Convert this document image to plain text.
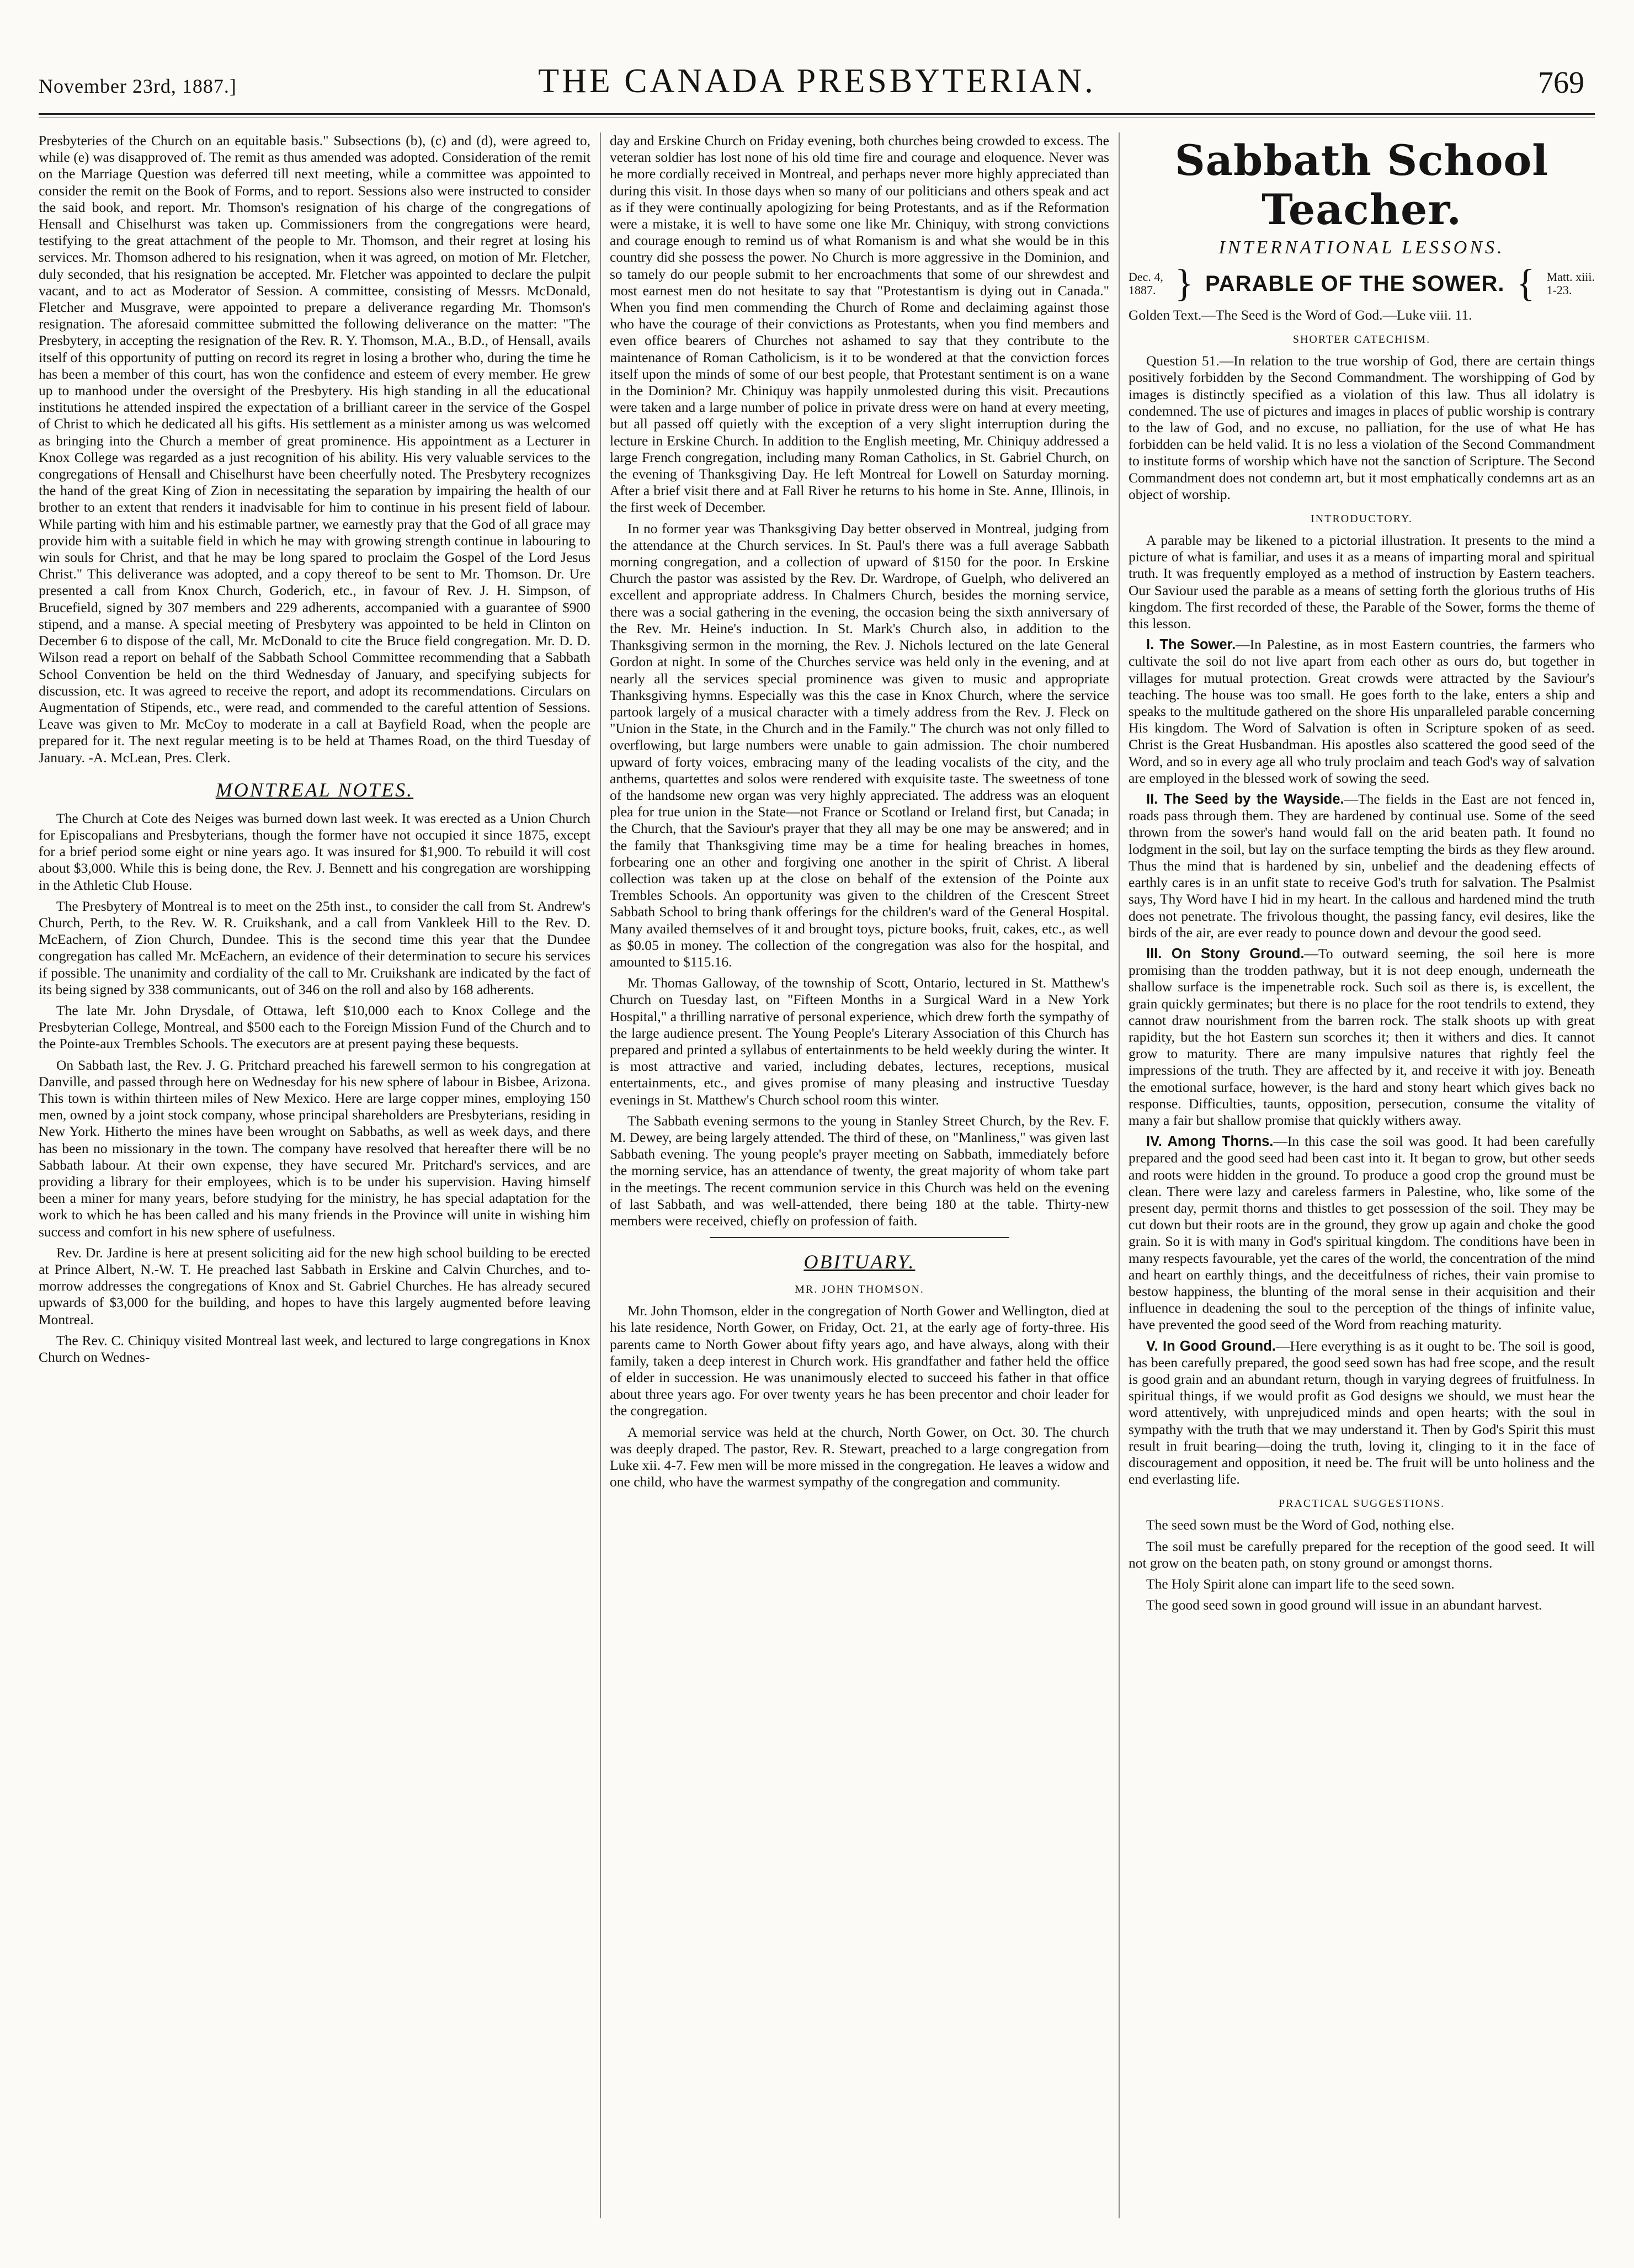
November 23rd, 1887.]	THE CANADA PRESBYTERIAN.	769

Presbyteries of the Church on an equitable basis." Subsections (b), (c) and (d), were agreed to, while (e) was disapproved of. The remit as thus amended was adopted. Consideration of the remit on the Marriage Question was deferred till next meeting, while a committee was appointed to consider the remit on the Book of Forms, and to report. Sessions also were instructed to consider the said book, and report. Mr. Thomson's resignation of his charge of the congregations of Hensall and Chiselhurst was taken up. Commissioners from the congregations were heard, testifying to the great attachment of the people to Mr. Thomson, and their regret at losing his services. Mr. Thomson adhered to his resignation, when it was agreed, on motion of Mr. Fletcher, duly seconded, that his resignation be accepted. Mr. Fletcher was appointed to declare the pulpit vacant, and to act as Moderator of Session. A committee, consisting of Messrs. McDonald, Fletcher and Musgrave, were appointed to prepare a deliverance regarding Mr. Thomson's resignation. The aforesaid committee submitted the following deliverance on the matter: "The Presbytery, in accepting the resignation of the Rev. R. Y. Thomson, M.A., B.D., of Hensall, avails itself of this opportunity of putting on record its regret in losing a brother who, during the time he has been a member of this court, has won the confidence and esteem of every member. He grew up to manhood under the oversight of the Presbytery. His high standing in all the educational institutions he attended inspired the expectation of a brilliant career in the service of the Gospel of Christ to which he dedicated all his gifts. His settlement as a minister among us was welcomed as bringing into the Church a member of great prominence. His appointment as a Lecturer in Knox College was regarded as a just recognition of his ability. His very valuable services to the congregations of Hensall and Chiselhurst have been cheerfully noted. The Presbytery recognizes the hand of the great King of Zion in necessitating the separation by impairing the health of our brother to an extent that renders it inadvisable for him to continue in his present field of labour. While parting with him and his estimable partner, we earnestly pray that the God of all grace may provide him with a suitable field in which he may with growing strength continue in labouring to win souls for Christ, and that he may be long spared to proclaim the Gospel of the Lord Jesus Christ." This deliverance was adopted, and a copy thereof to be sent to Mr. Thomson. Dr. Ure presented a call from Knox Church, Goderich, etc., in favour of Rev. J. H. Simpson, of Brucefield, signed by 307 members and 229 adherents, accompanied with a guarantee of $900 stipend, and a manse. A special meeting of Presbytery was appointed to be held in Clinton on December 6 to dispose of the call, Mr. McDonald to cite the Bruce field congregation. Mr. D. D. Wilson read a report on behalf of the Sabbath School Committee recommending that a Sabbath School Convention be held on the third Wednesday of January, and specifying subjects for discussion, etc. It was agreed to receive the report, and adopt its recommendations. Circulars on Augmentation of Stipends, etc., were read, and commended to the careful attention of Sessions. Leave was given to Mr. McCoy to moderate in a call at Bayfield Road, when the people are prepared for it. The next regular meeting is to be held at Thames Road, on the third Tuesday of January. -A. McLean, Pres. Clerk.

MONTREAL NOTES.

The Church at Cote des Neiges was burned down last week. It was erected as a Union Church for Episcopalians and Presbyterians, though the former have not occupied it since 1875, except for a brief period some eight or nine years ago. It was insured for $1,900. To rebuild it will cost about $3,000. While this is being done, the Rev. J. Bennett and his congregation are worshipping in the Athletic Club House.

The Presbytery of Montreal is to meet on the 25th inst., to consider the call from St. Andrew's Church, Perth, to the Rev. W. R. Cruikshank, and a call from Vankleek Hill to the Rev. D. McEachern, of Zion Church, Dundee. This is the second time this year that the Dundee congregation has called Mr. McEachern, an evidence of their determination to secure his services if possible. The unanimity and cordiality of the call to Mr. Cruikshank are indicated by the fact of its being signed by 338 communicants, out of 346 on the roll and also by 168 adherents.

The late Mr. John Drysdale, of Ottawa, left $10,000 each to Knox College and the Presbyterian College, Montreal, and $500 each to the Foreign Mission Fund of the Church and to the Pointe-aux Trembles Schools. The executors are at present paying these bequests.

On Sabbath last, the Rev. J. G. Pritchard preached his farewell sermon to his congregation at Danville, and passed through here on Wednesday for his new sphere of labour in Bisbee, Arizona. This town is within thirteen miles of New Mexico. Here are large copper mines, employing 150 men, owned by a joint stock company, whose principal shareholders are Presbyterians, residing in New York. Hitherto the mines have been wrought on Sabbaths, as well as week days, and there has been no missionary in the town. The company have resolved that hereafter there will be no Sabbath labour. At their own expense, they have secured Mr. Pritchard's services, and are providing a library for their employees, which is to be under his supervision. Having himself been a miner for many years, before studying for the ministry, he has special adaptation for the work to which he has been called and his many friends in the Province will unite in wishing him success and comfort in his new sphere of usefulness.

Rev. Dr. Jardine is here at present soliciting aid for the new high school building to be erected at Prince Albert, N.-W. T. He preached last Sabbath in Erskine and Calvin Churches, and to-morrow addresses the congregations of Knox and St. Gabriel Churches. He has already secured upwards of $3,000 for the building, and hopes to have this largely augmented before leaving Montreal.

The Rev. C. Chiniquy visited Montreal last week, and lectured to large congregations in Knox Church on Wednes-

day and Erskine Church on Friday evening, both churches being crowded to excess. The veteran soldier has lost none of his old time fire and courage and eloquence. Never was he more cordially received in Montreal, and perhaps never more highly appreciated than during this visit. In those days when so many of our politicians and others speak and act as if they were continually apologizing for being Protestants, and as if the Reformation were a mistake, it is well to have some one like Mr. Chiniquy, with strong convictions and courage enough to remind us of what Romanism is and what she would be in this country did she possess the power. No Church is more aggressive in the Dominion, and so tamely do our people submit to her encroachments that some of our shrewdest and most earnest men do not hesitate to say that "Protestantism is dying out in Canada." When you find men commending the Church of Rome and declaiming against those who have the courage of their convictions as Protestants, when you find members and even office bearers of Churches not ashamed to say that they contribute to the maintenance of Roman Catholicism, is it to be wondered at that the conviction forces itself upon the minds of some of our best people, that Protestant sentiment is on a wane in the Dominion? Mr. Chiniquy was happily unmolested during this visit. Precautions were taken and a large number of police in private dress were on hand at every meeting, but all passed off quietly with the exception of a very slight interruption during the lecture in Erskine Church. In addition to the English meeting, Mr. Chiniquy addressed a large French congregation, including many Roman Catholics, in St. Gabriel Church, on the evening of Thanksgiving Day. He left Montreal for Lowell on Saturday morning. After a brief visit there and at Fall River he returns to his home in Ste. Anne, Illinois, in the first week of December.

In no former year was Thanksgiving Day better observed in Montreal, judging from the attendance at the Church services. In St. Paul's there was a full average Sabbath morning congregation, and a collection of upward of $150 for the poor. In Erskine Church the pastor was assisted by the Rev. Dr. Wardrope, of Guelph, who delivered an excellent and appropriate address. In Chalmers Church, besides the morning service, there was a social gathering in the evening, the occasion being the sixth anniversary of the Rev. Mr. Heine's induction. In St. Mark's Church also, in addition to the Thanksgiving sermon in the morning, the Rev. J. Nichols lectured on the late General Gordon at night. In some of the Churches service was held only in the evening, and at nearly all the services special prominence was given to music and appropriate Thanksgiving hymns. Especially was this the case in Knox Church, where the service partook largely of a musical character with a timely address from the Rev. J. Fleck on "Union in the State, in the Church and in the Family." The church was not only filled to overflowing, but large numbers were unable to gain admission. The choir numbered upward of forty voices, embracing many of the leading vocalists of the city, and the anthems, quartettes and solos were rendered with exquisite taste. The sweetness of tone of the handsome new organ was very highly appreciated. The address was an eloquent plea for true union in the State—not France or Scotland or Ireland first, but Canada; in the Church, that the Saviour's prayer that they all may be one may be answered; and in the family that Thanksgiving time may be a time for healing breaches in homes, forbearing one an other and forgiving one another in the spirit of Christ. A liberal collection was taken up at the close on behalf of the extension of the Pointe aux Trembles Schools. An opportunity was given to the children of the Crescent Street Sabbath School to bring thank offerings for the children's ward of the General Hospital. Many availed themselves of it and brought toys, picture books, fruit, cakes, etc., as well as $0.05 in money. The collection of the congregation was also for the hospital, and amounted to $115.16.

Mr. Thomas Galloway, of the township of Scott, Ontario, lectured in St. Matthew's Church on Tuesday last, on "Fifteen Months in a Surgical Ward in a New York Hospital," a thrilling narrative of personal experience, which drew forth the sympathy of the large audience present. The Young People's Literary Association of this Church has prepared and printed a syllabus of entertainments to be held weekly during the winter. It is most attractive and varied, including debates, lectures, receptions, musical entertainments, etc., and gives promise of many pleasing and instructive Tuesday evenings in St. Matthew's Church school room this winter.

The Sabbath evening sermons to the young in Stanley Street Church, by the Rev. F. M. Dewey, are being largely attended. The third of these, on "Manliness," was given last Sabbath evening. The young people's prayer meeting on Sabbath, immediately before the morning service, has an attendance of twenty, the great majority of whom take part in the meetings. The recent communion service in this Church was held on the evening of last Sabbath, and was well-attended, there being 180 at the table. Thirty-new members were received, chiefly on profession of faith.

OBITUARY.
MR. JOHN THOMSON.

Mr. John Thomson, elder in the congregation of North Gower and Wellington, died at his late residence, North Gower, on Friday, Oct. 21, at the early age of forty-three. His parents came to North Gower about fifty years ago, and have always, along with their family, taken a deep interest in Church work. His grandfather and father held the office of elder in succession. He was unanimously elected to succeed his father in that office about three years ago. For over twenty years he has been precentor and choir leader for the congregation.

A memorial service was held at the church, North Gower, on Oct. 30. The church was deeply draped. The pastor, Rev. R. Stewart, preached to a large congregation from Luke xii. 4-7. Few men will be more missed in the congregation. He leaves a widow and one child, who have the warmest sympathy of the congregation and community.

Sabbath School Teacher.
INTERNATIONAL LESSONS.
Dec. 4,
1887. } PARABLE OF THE SOWER. { Matt. xiii.
1-23.

Golden Text.—The Seed is the Word of God.—Luke viii. 11.

SHORTER CATECHISM.

Question 51.—In relation to the true worship of God, there are certain things positively forbidden by the Second Commandment. The worshipping of God by images is distinctly specified as a violation of this law. Thus all idolatry is condemned. The use of pictures and images in places of public worship is contrary to the law of God, and no excuse, no palliation, for the use of what He has forbidden can be held valid. It is no less a violation of the Second Commandment to institute forms of worship which have not the sanction of Scripture. The Second Commandment does not condemn art, but it most emphatically condemns art as an object of worship.

INTRODUCTORY.

A parable may be likened to a pictorial illustration. It presents to the mind a picture of what is familiar, and uses it as a means of imparting moral and spiritual truth. It was frequently employed as a method of instruction by Eastern teachers. Our Saviour used the parable as a means of setting forth the glorious truths of His kingdom. The first recorded of these, the Parable of the Sower, forms the theme of this lesson.

I. The Sower.—In Palestine, as in most Eastern countries, the farmers who cultivate the soil do not live apart from each other as ours do, but together in villages for mutual protection. Great crowds were attracted by the Saviour's teaching. The house was too small. He goes forth to the lake, enters a ship and speaks to the multitude gathered on the shore His unparalleled parable concerning His kingdom. The Word of Salvation is often in Scripture spoken of as seed. Christ is the Great Husbandman. His apostles also scattered the good seed of the Word, and so in every age all who truly proclaim and teach God's way of salvation are employed in the blessed work of sowing the seed.

II. The Seed by the Wayside.—The fields in the East are not fenced in, roads pass through them. They are hardened by continual use. Some of the seed thrown from the sower's hand would fall on the arid beaten path. It found no lodgment in the soil, but lay on the surface tempting the birds as they flew around. Thus the mind that is hardened by sin, unbelief and the deadening effects of earthly cares is in an unfit state to receive God's truth for salvation. The Psalmist says, Thy Word have I hid in my heart. In the callous and hardened mind the truth does not penetrate. The frivolous thought, the passing fancy, evil desires, like the birds of the air, are ever ready to pounce down and devour the good seed.

III. On Stony Ground.—To outward seeming, the soil here is more promising than the trodden pathway, but it is not deep enough, underneath the shallow surface is the impenetrable rock. Such soil as there is, is excellent, the grain quickly germinates; but there is no place for the root tendrils to extend, they cannot draw nourishment from the barren rock. The stalk shoots up with great rapidity, but the hot Eastern sun scorches it; then it withers and dies. It cannot grow to maturity. There are many impulsive natures that rightly feel the impressions of the truth. They are affected by it, and receive it with joy. Beneath the emotional surface, however, is the hard and stony heart which gives back no response. Difficulties, taunts, opposition, persecution, consume the vitality of many a fair but shallow promise that quickly withers away.

IV. Among Thorns.—In this case the soil was good. It had been carefully prepared and the good seed had been cast into it. It began to grow, but other seeds and roots were hidden in the ground. To produce a good crop the ground must be clean. There were lazy and careless farmers in Palestine, who, like some of the present day, permit thorns and thistles to get possession of the soil. They may be cut down but their roots are in the ground, they grow up again and choke the good grain. So it is with many in God's spiritual kingdom. The conditions have been in many respects favourable, yet the cares of the world, the concentration of the mind and heart on earthly things, and the deceitfulness of riches, their vain promise to bestow happiness, the blunting of the moral sense in their acquisition and their influence in deadening the soul to the perception of the things of infinite value, have prevented the good seed of the Word from reaching maturity.

V. In Good Ground.—Here everything is as it ought to be. The soil is good, has been carefully prepared, the good seed sown has had free scope, and the result is good grain and an abundant return, though in varying degrees of fruitfulness. In spiritual things, if we would profit as God designs we should, we must hear the word attentively, with unprejudiced minds and open hearts; with the soul in sympathy with the truth that we may understand it. Then by God's Spirit this must result in fruit bearing—doing the truth, loving it, clinging to it in the face of discouragement and opposition, it need be. The fruit will be unto holiness and the end everlasting life.

PRACTICAL SUGGESTIONS.

The seed sown must be the Word of God, nothing else.

The soil must be carefully prepared for the reception of the good seed. It will not grow on the beaten path, on stony ground or amongst thorns.

The Holy Spirit alone can impart life to the seed sown.

The good seed sown in good ground will issue in an abundant harvest.
